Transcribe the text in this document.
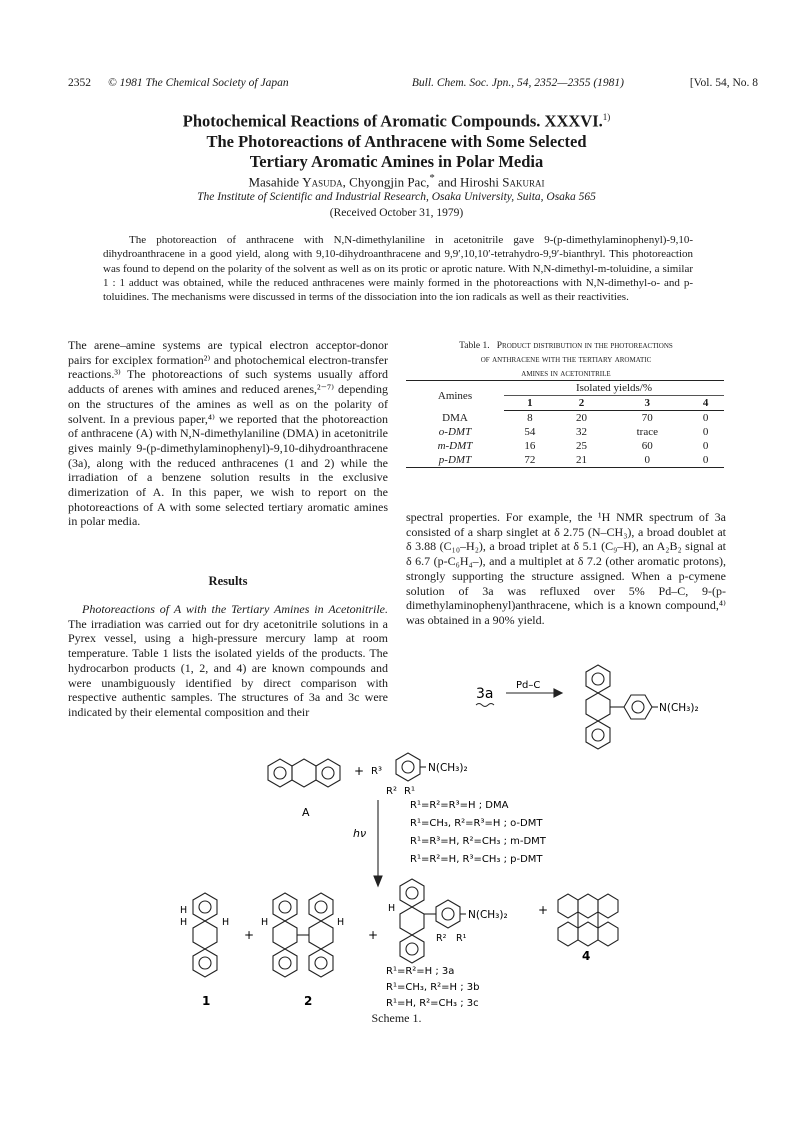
2352	© 1981 The Chemical Society of Japan	Bull. Chem. Soc. Jpn., 54, 2352—2355 (1981)	[Vol. 54, No. 8
Photochemical Reactions of Aromatic Compounds. XXXVI.$^{1)}$
The Photoreactions of Anthracene with Some Selected
Tertiary Aromatic Amines in Polar Media
Masahide Yasuda, Chyongjin Pac,* and Hiroshi Sakurai
The Institute of Scientific and Industrial Research, Osaka University, Suita, Osaka 565
(Received October 31, 1979)

The photoreaction of anthracene with N,N-dimethylaniline in acetonitrile gave 9-(p-dimethylaminophenyl)-9,10-dihydroanthracene in a good yield, along with 9,10-dihydroanthracene and 9,9′,10,10′-tetrahydro-9,9′-bianthryl. This photoreaction was found to depend on the polarity of the solvent as well as on its protic or aprotic nature. With N,N-dimethyl-m-toluidine, a similar 1 : 1 adduct was obtained, while the reduced anthracenes were mainly formed in the photoreactions with N,N-dimethyl-o- and p-toluidines. The mechanisms were discussed in terms of the dissociation into the ion radicals as well as their reactivities.

The arene–amine systems are typical electron acceptor-donor pairs for exciplex formation²⁾ and photochemical electron-transfer reactions.³⁾ The photoreactions of such systems usually afford adducts of arenes with amines and reduced arenes,²⁻⁷⁾ depending on the structures of the amines as well as on the polarity of solvent. In a previous paper,⁴⁾ we reported that the photoreaction of anthracene (A) with N,N-dimethylaniline (DMA) in acetonitrile gives mainly 9-(p-dimethylaminophenyl)-9,10-dihydroanthracene (3a), along with the reduced anthracenes (1 and 2) while the irradiation of a benzene solution results in the exclusive dimerization of A. In this paper, we wish to report on the photoreactions of A with some selected tertiary aromatic amines in polar media.

Results

Photoreactions of A with the Tertiary Amines in Acetonitrile. The irradiation was carried out for dry acetonitrile solutions in a Pyrex vessel, using a high-pressure mercury lamp at room temperature. Table 1 lists the isolated yields of the products. The hydrocarbon products (1, 2, and 4) are known compounds and were unambiguously identified by direct comparison with respective authentic samples. The structures of 3a and 3c were indicated by their elemental composition and their

Table 1. Product distribution in the photoreactions
of anthracene with the tertiary aromatic
amines in acetonitrile
Amines	Isolated yields/%			
	1	2	3	4
DMA	8	20	70	0
o-DMT	54	32	trace	0
m-DMT	16	25	60	0
p-DMT	72	21	0	0

spectral properties. For example, the ¹H NMR spectrum of 3a consisted of a sharp singlet at δ 2.75 (N–CH₃), a broad doublet at δ 3.88 (C₁₀–H₂), a broad triplet at δ 5.1 (C₉–H), an A₂B₂ signal at δ 6.7 (p-C₆H₄–), and a multiplet at δ 7.2 (other aromatic protons), strongly supporting the structure assigned. When a p-cymene solution of 3a was refluxed over 5% Pd–C, 9-(p-dimethylaminophenyl)anthracene, which is a known compound,⁴⁾ was obtained in a 90% yield.

3a
Pd–C
N(CH₃)₂
+ R³	N(CH₃)₂
R² R¹
A
hν
R¹=R²=R³=H ; DMA
R¹=CH₃, R²=R³=H ; o-DMT
R¹=R³=H, R²=CH₃ ; m-DMT
R¹=R²=H, R³=CH₃ ; p-DMT
H
H	H
+
H	H
+
H
N(CH₃)₂
R² R¹
+
1	2
4
R¹=R²=H ; 3a
R¹=CH₃, R²=H ; 3b
R¹=H, R²=CH₃ ; 3c
Scheme 1.
